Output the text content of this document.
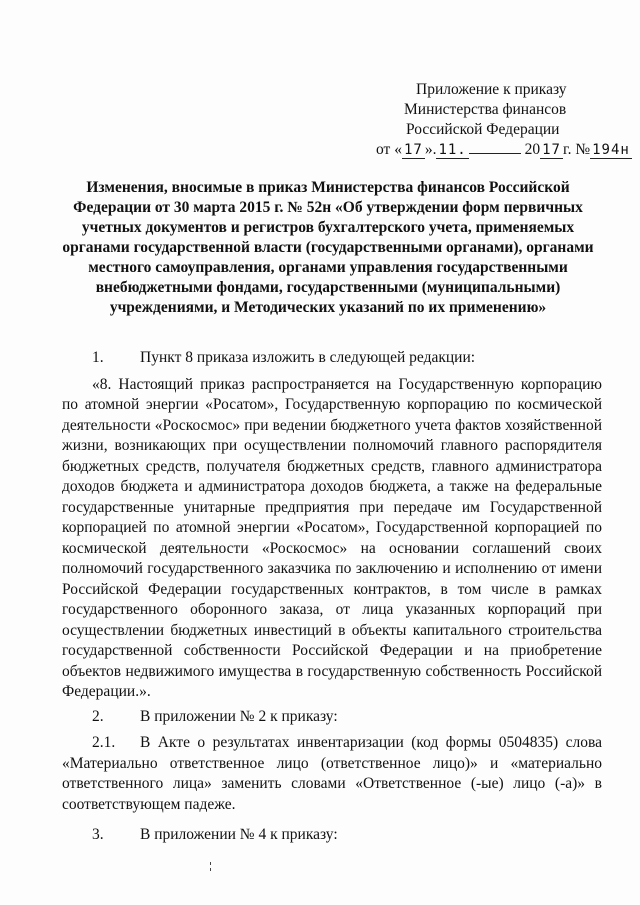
Приложение к приказу
Министерства финансов
Российской Федерации
от « 17 ». 11.	20 17 г. № 194н
Изменения, вносимые в приказ Министерства финансов Российской Федерации от 30 марта 2015 г. № 52н «Об утверждении форм первичных учетных документов и регистров бухгалтерского учета, применяемых органами государственной власти (государственными органами), органами местного самоуправления, органами управления государственными внебюджетными фондами, государственными (муниципальными) учреждениями, и Методических указаний по их применению»

1. Пункт 8 приказа изложить в следующей редакции:

«8. Настоящий приказ распространяется на Государственную корпорацию по атомной энергии «Росатом», Государственную корпорацию по космической деятельности «Роскосмос» при ведении бюджетного учета фактов хозяйственной жизни, возникающих при осуществлении полномочий главного распорядителя бюджетных средств, получателя бюджетных средств, главного администратора доходов бюджета и администратора доходов бюджета, а также на федеральные государственные унитарные предприятия при передаче им Государственной корпорацией по атомной энергии «Росатом», Государственной корпорацией по космической деятельности «Роскосмос» на основании соглашений своих полномочий государственного заказчика по заключению и исполнению от имени Российской Федерации государственных контрактов, в том числе в рамках государственного оборонного заказа, от лица указанных корпораций при осуществлении бюджетных инвестиций в объекты капитального строительства государственной собственности Российской Федерации и на приобретение объектов недвижимого имущества в государственную собственность Российской Федерации.».

2. В приложении № 2 к приказу:

2.1. В Акте о результатах инвентаризации (код формы 0504835) слова «Материально ответственное лицо (ответственное лицо)» и «материально ответственного лица» заменить словами «Ответственное (-ые) лицо (-а)» в соответствующем падеже.

3. В приложении № 4 к приказу:
